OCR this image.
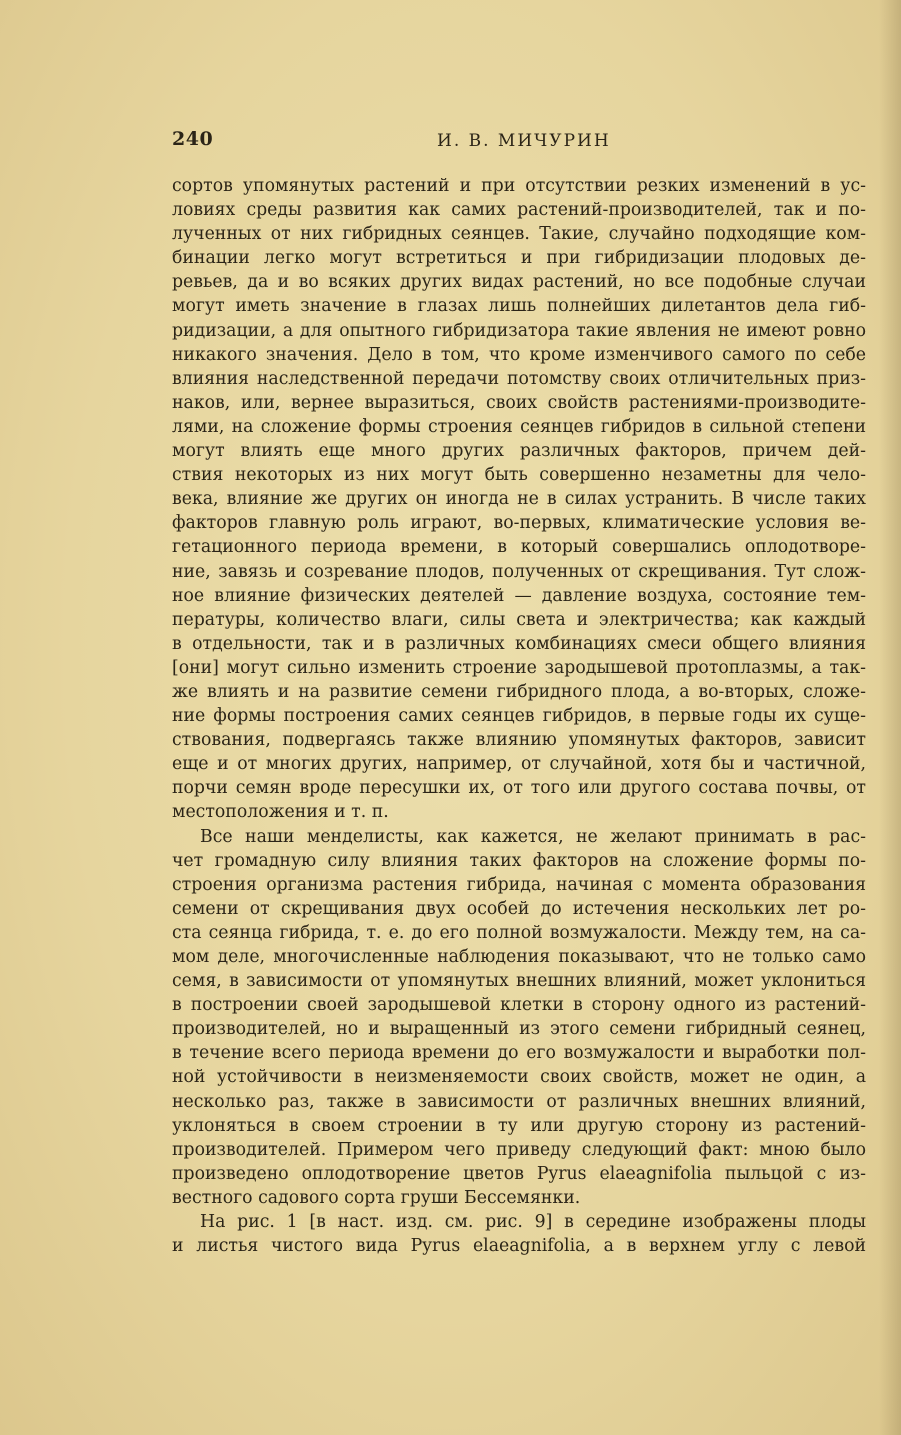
240	И. В. МИЧУРИН
сортов упомянутых растений и при отсутствии резких изменений в ус-
ловиях среды развития как самих растений-производителей, так и по-
лученных от них гибридных сеянцев. Такие, случайно подходящие ком-
бинации легко могут встретиться и при гибридизации плодовых де-
ревьев, да и во всяких других видах растений, но все подобные случаи
могут иметь значение в глазах лишь полнейших дилетантов дела гиб-
ридизации, а для опытного гибридизатора такие явления не имеют ровно
никакого значения. Дело в том, что кроме изменчивого самого по себе
влияния наследственной передачи потомству своих отличительных приз-
наков, или, вернее выразиться, своих свойств растениями-производите-
лями, на сложение формы строения сеянцев гибридов в сильной степени
могут влиять еще много других различных факторов, причем дей-
ствия некоторых из них могут быть совершенно незаметны для чело-
века, влияние же других он иногда не в силах устранить. В числе таких
факторов главную роль играют, во-первых, климатические условия ве-
гетационного периода времени, в который совершались оплодотворе-
ние, завязь и созревание плодов, полученных от скрещивания. Тут слож-
ное влияние физических деятелей — давление воздуха, состояние тем-
пературы, количество влаги, силы света и электричества; как каждый
в отдельности, так и в различных комбинациях смеси общего влияния
[они] могут сильно изменить строение зародышевой протоплазмы, а так-
же влиять и на развитие семени гибридного плода, а во-вторых, сложе-
ние формы построения самих сеянцев гибридов, в первые годы их суще-
ствования, подвергаясь также влиянию упомянутых факторов, зависит
еще и от многих других, например, от случайной, хотя бы и частичной,
порчи семян вроде пересушки их, от того или другого состава почвы, от
местоположения и т. п.
Все наши менделисты, как кажется, не желают принимать в рас-
чет громадную силу влияния таких факторов на сложение формы по-
строения организма растения гибрида, начиная с момента образования
семени от скрещивания двух особей до истечения нескольких лет ро-
ста сеянца гибрида, т. е. до его полной возмужалости. Между тем, на са-
мом деле, многочисленные наблюдения показывают, что не только само
семя, в зависимости от упомянутых внешних влияний, может уклониться
в построении своей зародышевой клетки в сторону одного из растений-
производителей, но и выращенный из этого семени гибридный сеянец,
в течение всего периода времени до его возмужалости и выработки пол-
ной устойчивости в неизменяемости своих свойств, может не один, а
несколько раз, также в зависимости от различных внешних влияний,
уклоняться в своем строении в ту или другую сторону из растений-
производителей. Примером чего приведу следующий факт: мною было
произведено оплодотворение цветов Pyrus elaeagnifolia пыльцой с из-
вестного садового сорта груши Бессемянки.
На рис. 1 [в наст. изд. см. рис. 9] в середине изображены плоды
и листья чистого вида Pyrus elaeagnifolia, а в верхнем углу с левой
